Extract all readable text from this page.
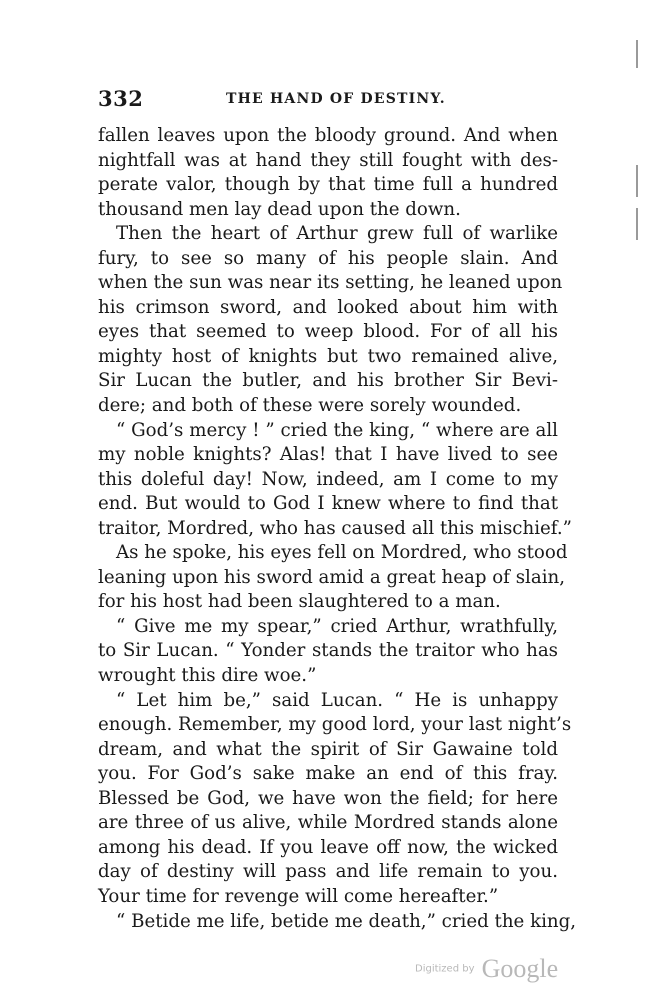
332	THE HAND OF DESTINY.
fallen leaves upon the bloody ground. And when
nightfall was at hand they still fought with des-
perate valor, though by that time full a hundred
thousand men lay dead upon the down.
Then the heart of Arthur grew full of warlike
fury, to see so many of his people slain. And
when the sun was near its setting, he leaned upon
his crimson sword, and looked about him with
eyes that seemed to weep blood. For of all his
mighty host of knights but two remained alive,
Sir Lucan the butler, and his brother Sir Bevi-
dere; and both of these were sorely wounded.
“ God’s mercy ! ” cried the king, “ where are all
my noble knights? Alas! that I have lived to see
this doleful day! Now, indeed, am I come to my
end. But would to God I knew where to find that
traitor, Mordred, who has caused all this mischief.”
As he spoke, his eyes fell on Mordred, who stood
leaning upon his sword amid a great heap of slain,
for his host had been slaughtered to a man.
“ Give me my spear,” cried Arthur, wrathfully,
to Sir Lucan. “ Yonder stands the traitor who has
wrought this dire woe.”
“ Let him be,” said Lucan. “ He is unhappy
enough. Remember, my good lord, your last night’s
dream, and what the spirit of Sir Gawaine told
you. For God’s sake make an end of this fray.
Blessed be God, we have won the field; for here
are three of us alive, while Mordred stands alone
among his dead. If you leave off now, the wicked
day of destiny will pass and life remain to you.
Your time for revenge will come hereafter.”
“ Betide me life, betide me death,” cried the king,
Digitized by Google
